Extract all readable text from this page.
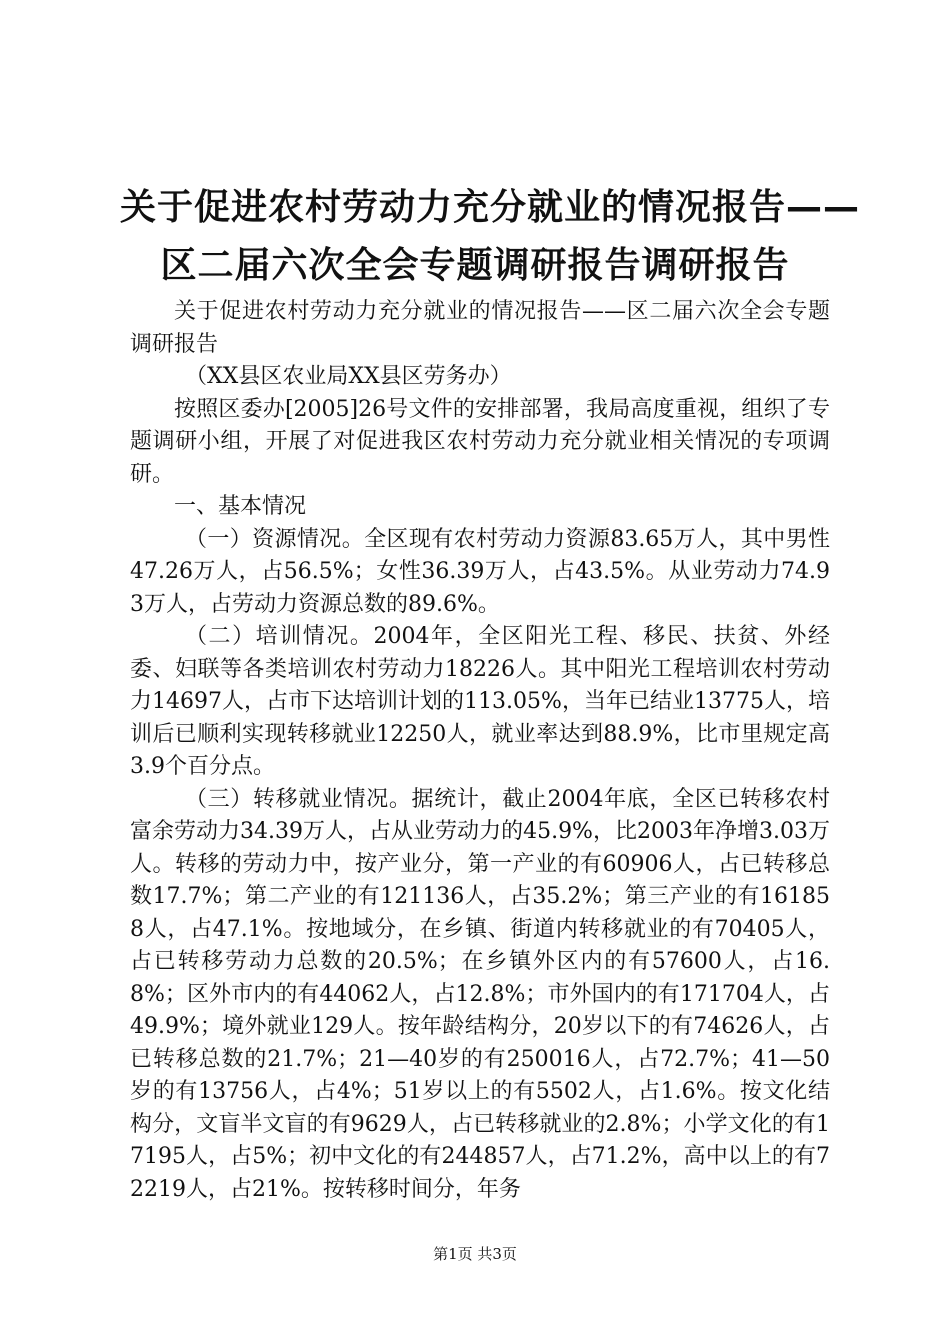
关于促进农村劳动力充分就业的情况报告——
区二届六次全会专题调研报告调研报告

关于促进农村劳动力充分就业的情况报告——区二届六次全会专题调研报告

（XX县区农业局XX县区劳务办）

按照区委办[2005]26号文件的安排部署，我局高度重视，组织了专题调研小组，开展了对促进我区农村劳动力充分就业相关情况的专项调研。

一、基本情况

（一）资源情况。全区现有农村劳动力资源83.65万人，其中男性47.26万人，占56.5%；女性36.39万人，占43.5%。从业劳动力74.93万人，占劳动力资源总数的89.6%。

（二）培训情况。2004年，全区阳光工程、移民、扶贫、外经委、妇联等各类培训农村劳动力18226人。其中阳光工程培训农村劳动力14697人，占市下达培训计划的113.05%，当年已结业13775人，培训后已顺利实现转移就业12250人，就业率达到88.9%，比市里规定高3.9个百分点。

（三）转移就业情况。据统计，截止2004年底，全区已转移农村富余劳动力34.39万人，占从业劳动力的45.9%，比2003年净增3.03万人。转移的劳动力中，按产业分，第一产业的有60906人，占已转移总数17.7%；第二产业的有121136人，占35.2%；第三产业的有161858人，占47.1%。按地域分，在乡镇、街道内转移就业的有70405人，占已转移劳动力总数的20.5%；在乡镇外区内的有57600人，占16.8%；区外市内的有44062人，占12.8%；市外国内的有171704人，占49.9%；境外就业129人。按年龄结构分，20岁以下的有74626人，占已转移总数的21.7%；21—40岁的有250016人，占72.7%；41—50岁的有13756人，占4%；51岁以上的有5502人，占1.6%。按文化结构分，文盲半文盲的有9629人，占已转移就业的2.8%；小学文化的有17195人，占5%；初中文化的有244857人，占71.2%，高中以上的有72219人，占21%。按转移时间分，年务

第1页 共3页
